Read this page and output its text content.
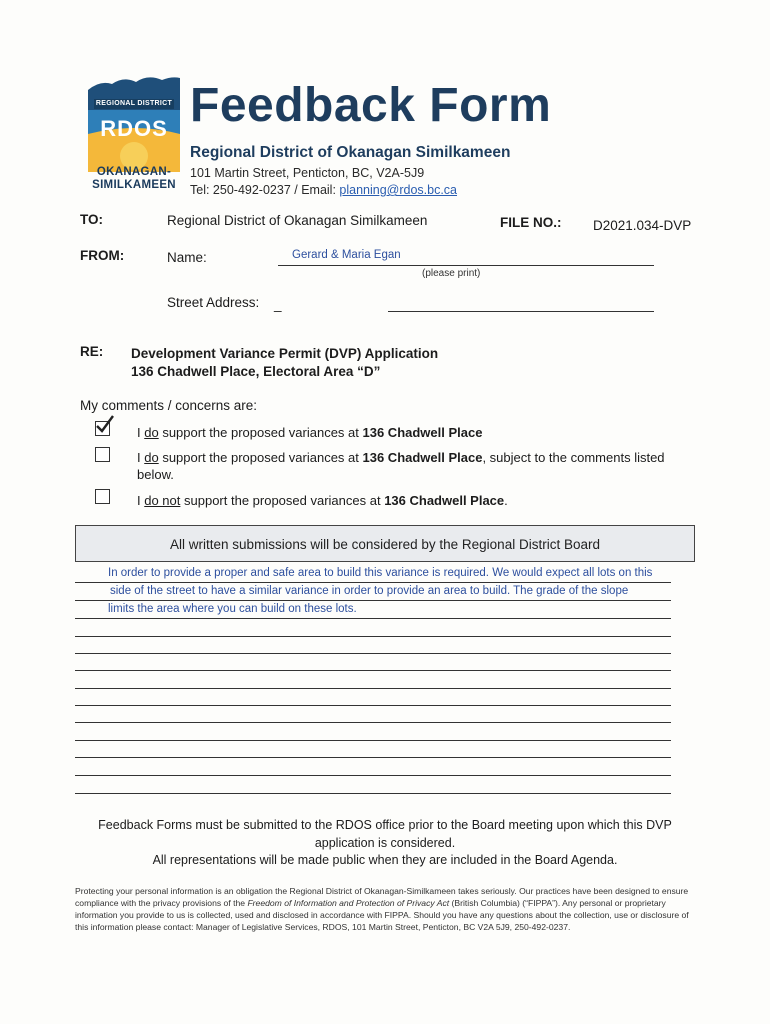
REGIONAL DISTRICT
RDOS
OKANAGAN-
SIMILKAMEEN
Feedback Form
Regional District of Okanagan Similkameen
101 Martin Street, Penticton, BC, V2A-5J9
Tel: 250-492-0237 / Email: planning@rdos.bc.ca
TO:	Regional District of Okanagan Similkameen	FILE NO.: D2021.034-DVP
FROM:	Name:	Gerard & Maria Egan
(please print)
Street Address: _
RE: Development Variance Permit (DVP) Application
136 Chadwell Place, Electoral Area “D”
My comments / concerns are:
I do support the proposed variances at 136 Chadwell Place
I do support the proposed variances at 136 Chadwell Place, subject to the comments listed
below.
I do not support the proposed variances at 136 Chadwell Place.
All written submissions will be considered by the Regional District Board
In order to provide a proper and safe area to build this variance is required. We would expect all lots on this
side of the street to have a similar variance in order to provide an area to build. The grade of the slope
limits the area where you can build on these lots.
Feedback Forms must be submitted to the RDOS office prior to the Board meeting upon which this DVP
application is considered.
All representations will be made public when they are included in the Board Agenda.
Protecting your personal information is an obligation the Regional District of Okanagan-Similkameen takes seriously. Our practices have been designed to ensure compliance with the privacy provisions of the Freedom of Information and Protection of Privacy Act (British Columbia) (“FIPPA”). Any personal or proprietary information you provide to us is collected, used and disclosed in accordance with FIPPA. Should you have any questions about the collection, use or disclosure of this information please contact: Manager of Legislative Services, RDOS, 101 Martin Street, Penticton, BC V2A 5J9, 250-492-0237.
